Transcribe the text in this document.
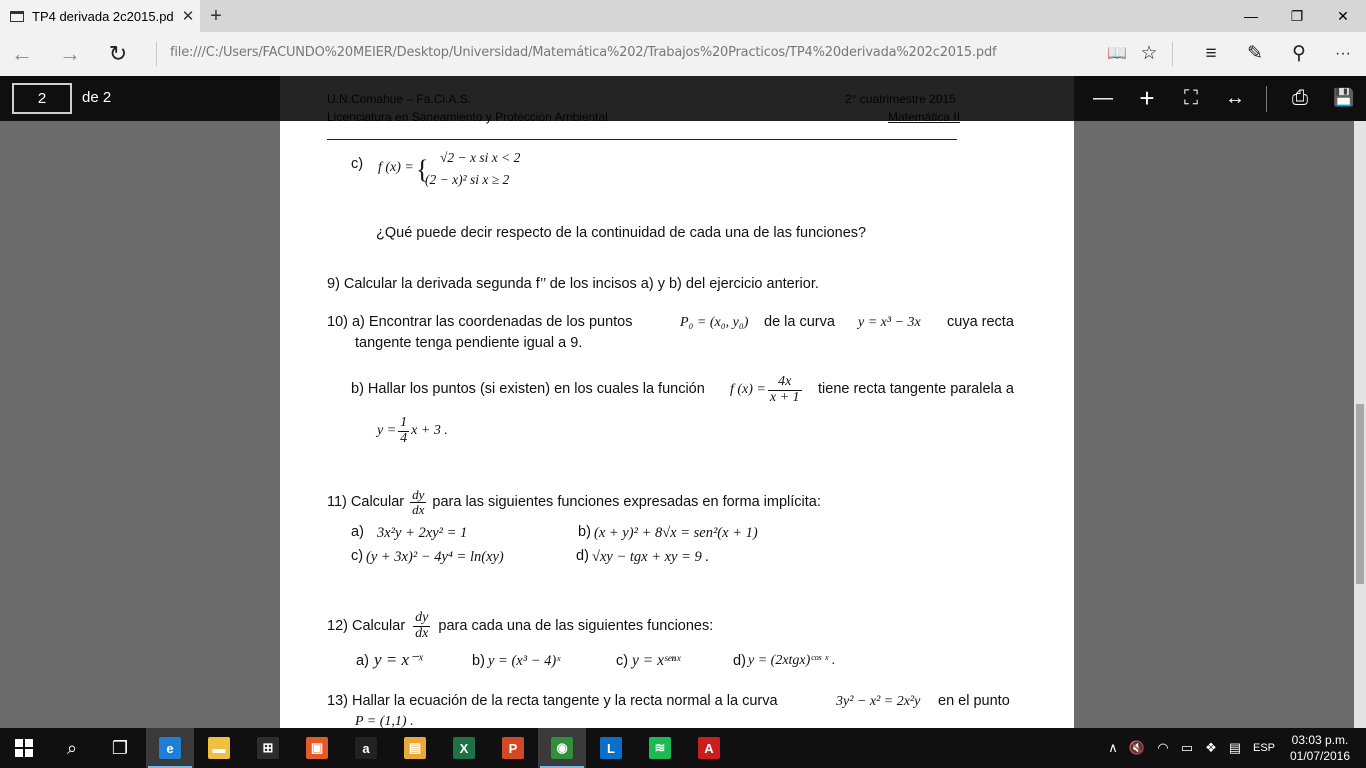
TP4 derivada 2c2015.pd ✕ +	—	❐	✕
←	→	↻	file:///C:/Users/FACUNDO%20MEIER/Desktop/Universidad/Matemática%202/Trabajos%20Practicos/TP4%20derivada%202c2015.pdf	📖 ☆	≡	✎	⚲	···
c) f (x) = { √2 − x si x < 2
(2 − x)² si x ≥ 2
¿Qué puede decir respecto de la continuidad de cada una de las funciones?
9) Calcular la derivada segunda f’’ de los incisos a) y b) del ejercicio anterior.
10) a) Encontrar las coordenadas de los puntos	P₀ = (x₀, y₀) de la curva y = x³ − 3x cuya recta
tangente tenga pendiente igual a 9.
b) Hallar los puntos (si existen) en los cuales la función f $(x) = \frac{4x}{x + 1}$ tiene recta tangente paralela a
$y = \frac{1}{4}$ x + 3 .
11) Calcular $\frac{dy}{dx}$ para las siguientes funciones expresadas en forma implícita:
a) 3x²y + 2xy² = 1	b) (x + y)² + 8√x = sen²(x + 1)
c) (y + 3x)² − 4y⁴ = ln(xy)	d) √xy − tgx + xy = 9 .
12) Calcular $\frac{dy}{dx}$ para cada una de las siguientes funciones:
a) y = x⁻ˣ	b) y = (x³ − 4)ˣ	c) y = xˢᵉⁿˣ	d) y = (2xtgx)ᶜᵒˢ ˣ .
13) Hallar la ecuación de la recta tangente y la recta normal a la curva	3y² − x² = 2x²y en el punto
P = (1,1) .
2	de 2	—	+	⛶	↔	⎙	💾
⌕ ❐	e	▬	⊞	▣	a	▤	X	P	◉	L	≋	A	∧ 🔇 ◠ ▭ ❖ ▤	ESP
03:03 p.m.
01/07/2016
